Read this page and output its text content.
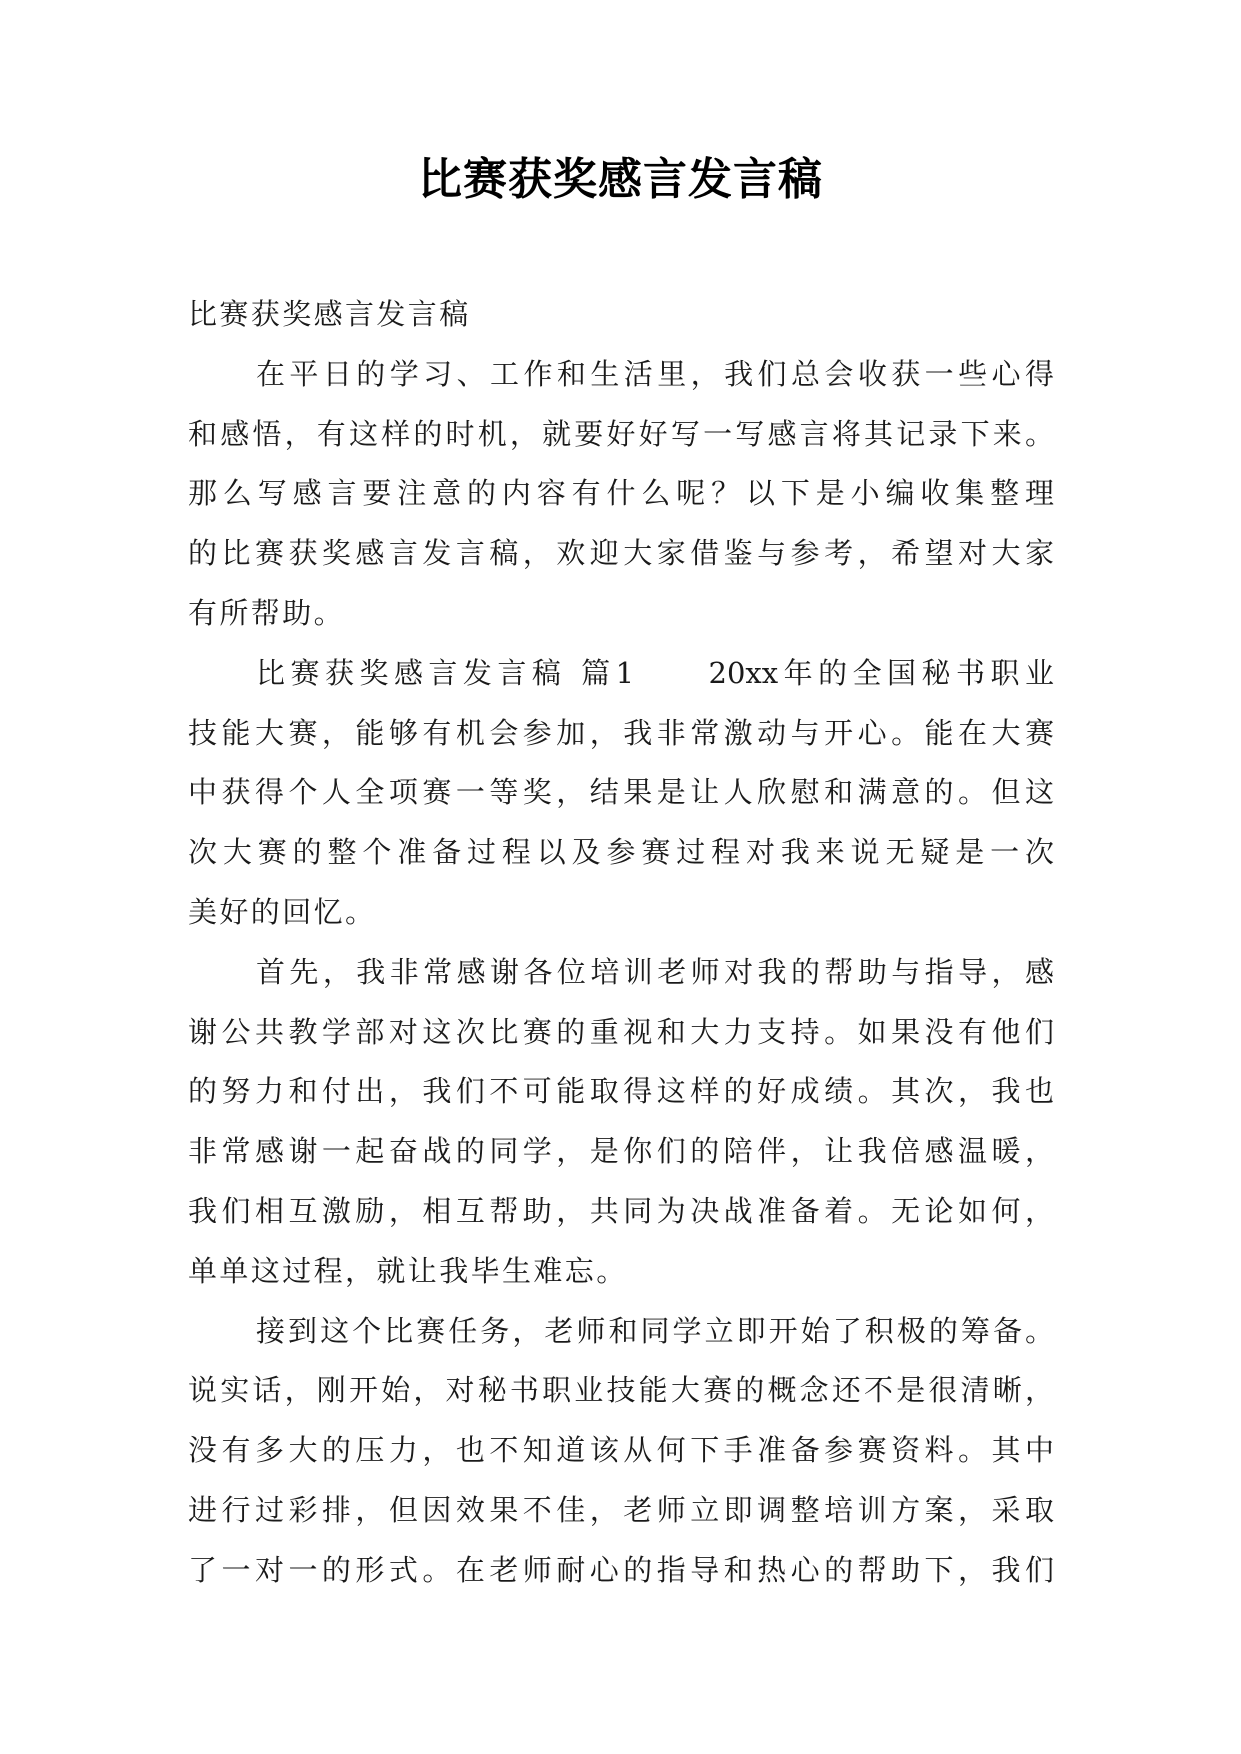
比赛获奖感言发言稿
比赛获奖感言发言稿
在平日的学习、工作和生活里，我们总会收获一些心得
和感悟，有这样的时机，就要好好写一写感言将其记录下来。
那么写感言要注意的内容有什么呢？以下是小编收集整理
的比赛获奖感言发言稿，欢迎大家借鉴与参考，希望对大家
有所帮助。
比赛获奖感言发言稿 篇1　　20xx年的全国秘书职业
技能大赛，能够有机会参加，我非常激动与开心。能在大赛
中获得个人全项赛一等奖，结果是让人欣慰和满意的。但这
次大赛的整个准备过程以及参赛过程对我来说无疑是一次
美好的回忆。
首先，我非常感谢各位培训老师对我的帮助与指导，感
谢公共教学部对这次比赛的重视和大力支持。如果没有他们
的努力和付出，我们不可能取得这样的好成绩。其次，我也
非常感谢一起奋战的同学，是你们的陪伴，让我倍感温暖，
我们相互激励，相互帮助，共同为决战准备着。无论如何，
单单这过程，就让我毕生难忘。
接到这个比赛任务，老师和同学立即开始了积极的筹备。
说实话，刚开始，对秘书职业技能大赛的概念还不是很清晰，
没有多大的压力，也不知道该从何下手准备参赛资料。其中
进行过彩排，但因效果不佳，老师立即调整培训方案，采取
了一对一的形式。在老师耐心的指导和热心的帮助下，我们
